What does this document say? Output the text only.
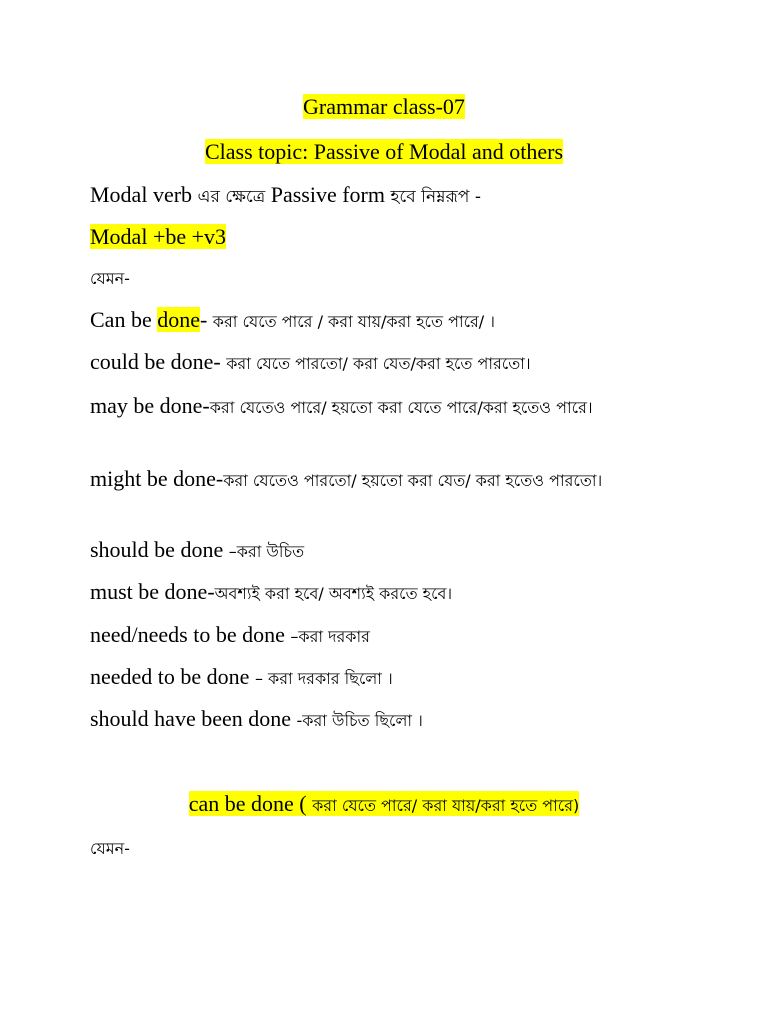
Grammar class-07
Class topic: Passive of Modal and others
Modal verb এর ক্ষেত্রে Passive form হবে নিম্নরূপ -
Modal +be +v3
যেমন-
Can be done- করা যেতে পারে / করা যায়/করা হতে পারে/ ।
could be done- করা যেতে পারতো/ করা যেত/করা হতে পারতো।
may be done-করা যেতেও পারে/ হয়তো করা যেতে পারে/করা হতেও পারে।
might be done-করা যেতেও পারতো/ হয়তো করা যেত/ করা হতেও পারতো।
should be done –করা উচিত
must be done-অবশ্যই করা হবে/ অবশ্যই করতে হবে।
need/needs to be done –করা দরকার
needed to be done – করা দরকার ছিলো ।
should have been done -করা উচিত ছিলো ।
can be done ( করা যেতে পারে/ করা যায়/করা হতে পারে)
যেমন-
